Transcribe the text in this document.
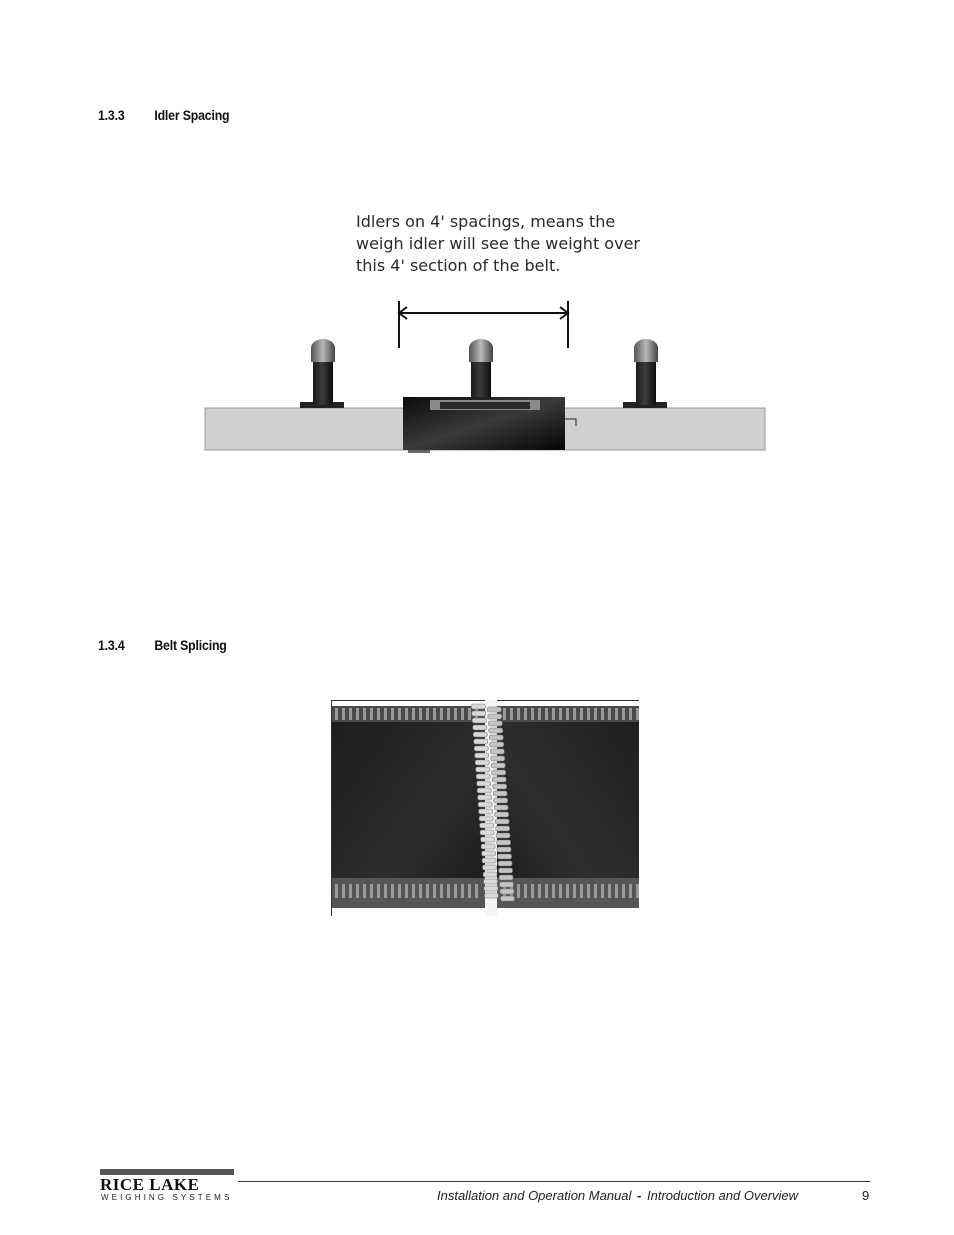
1.3.3 Idler Spacing
Idlers on 4' spacings, means the
weigh idler will see the weight over
this 4' section of the belt.
1.3.4 Belt Splicing
RICE LAKE
WEIGHING SYSTEMS	Installation and Operation Manual - Introduction and Overview	9
